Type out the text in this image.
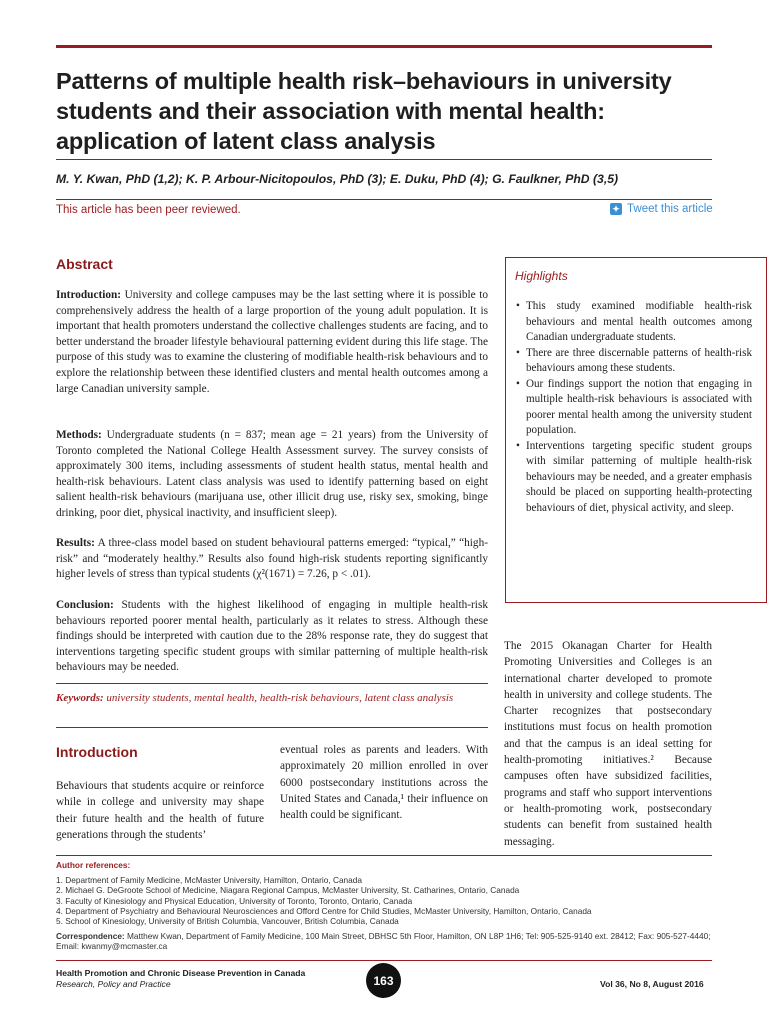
Patterns of multiple health risk–behaviours in university
students and their association with mental health:
application of latent class analysis
M. Y. Kwan, PhD (1,2); K. P. Arbour-Nicitopoulos, PhD (3); E. Duku, PhD (4); G. Faulkner, PhD (3,5)
This article has been peer reviewed.	✦ Tweet this article
Abstract
Introduction: University and college campuses may be the last setting where it is possible to comprehensively address the health of a large proportion of the young adult population. It is important that health promoters understand the collective challenges students are facing, and to better understand the broader lifestyle behavioural patterning evident during this life stage. The purpose of this study was to examine the clustering of modifiable health-risk behaviours and to explore the relationship between these identified clusters and mental health outcomes among a large Canadian university sample.
Methods: Undergraduate students (n = 837; mean age = 21 years) from the University of Toronto completed the National College Health Assessment survey. The survey consists of approximately 300 items, including assessments of student health status, mental health and health-risk behaviours. Latent class analysis was used to identify patterning based on eight salient health-risk behaviours (marijuana use, other illicit drug use, risky sex, smoking, binge drinking, poor diet, physical inactivity, and insufficient sleep).
Results: A three-class model based on student behavioural patterns emerged: “typical,” “high-risk” and “moderately healthy.” Results also found high-risk students reporting significantly higher levels of stress than typical students (χ²(1671) = 7.26, p < .01).
Conclusion: Students with the highest likelihood of engaging in multiple health-risk behaviours reported poorer mental health, particularly as it relates to stress. Although these findings should be interpreted with caution due to the 28% response rate, they do suggest that interventions targeting specific student groups with similar patterning of multiple health-risk behaviours may be needed.
Keywords: university students, mental health, health-risk behaviours, latent class analysis
Highlights
• This study examined modifiable health-risk behaviours and mental health outcomes among Canadian undergraduate students.
• There are three discernable patterns of health-risk behaviours among these students.
• Our findings support the notion that engaging in multiple health-risk behaviours is associated with poorer mental health among the university student population.
• Interventions targeting specific student groups with similar patterning of multiple health-risk behaviours may be needed, and a greater emphasis should be placed on supporting health-protecting behaviours of diet, physical activity, and sleep.
Introduction
Behaviours that students acquire or reinforce while in college and university may shape their future health and the health of future generations through the students’
eventual roles as parents and leaders. With approximately 20 million enrolled in over 6000 postsecondary institutions across the United States and Canada,¹ their influence on health could be significant.
The 2015 Okanagan Charter for Health Promoting Universities and Colleges is an international charter developed to promote health in university and college students. The Charter recognizes that postsecondary institutions must focus on health promotion and that the campus is an ideal setting for health-promoting initiatives.² Because campuses often have subsidized facilities, programs and staff who support interventions or health-promoting work, postsecondary students can benefit from sustained health messaging.
Author references:
1. Department of Family Medicine, McMaster University, Hamilton, Ontario, Canada
2. Michael G. DeGroote School of Medicine, Niagara Regional Campus, McMaster University, St. Catharines, Ontario, Canada
3. Faculty of Kinesiology and Physical Education, University of Toronto, Toronto, Ontario, Canada
4. Department of Psychiatry and Behavioural Neurosciences and Offord Centre for Child Studies, McMaster University, Hamilton, Ontario, Canada
5. School of Kinesiology, University of British Columbia, Vancouver, British Columbia, Canada
Correspondence: Matthew Kwan, Department of Family Medicine, 100 Main Street, DBHSC 5th Floor, Hamilton, ON L8P 1H6; Tel: 905-525-9140 ext. 28412; Fax: 905-527-4440; Email: kwanmy@mcmaster.ca
Health Promotion and Chronic Disease Prevention in Canada
Research, Policy and Practice	163	Vol 36, No 8, August 2016
